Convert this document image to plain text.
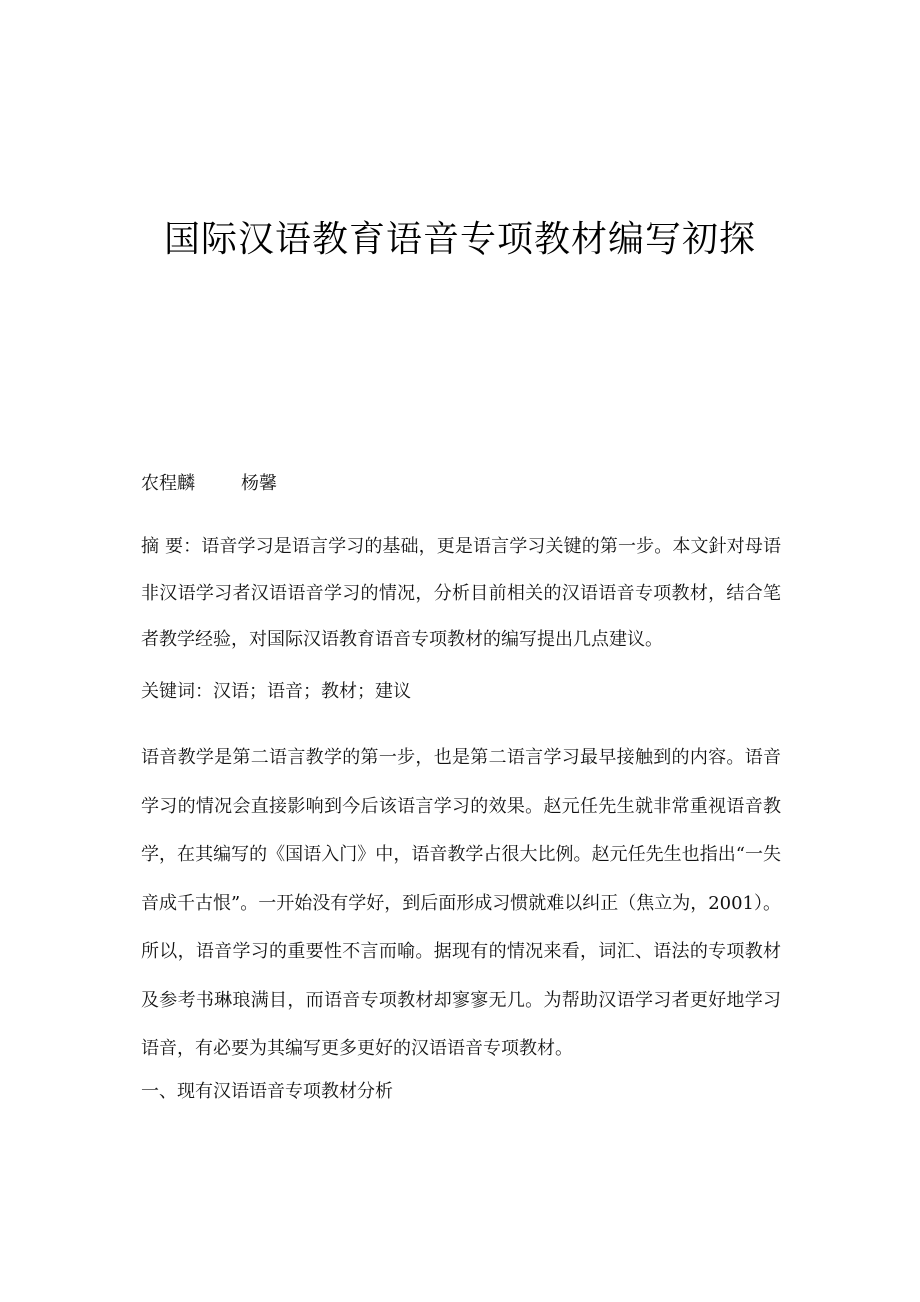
国际汉语教育语音专项教材编写初探

农程麟	杨馨

摘 要：语音学习是语言学习的基础，更是语言学习关键的第一步。本文針对母语非汉语学习者汉语语音学习的情况，分析目前相关的汉语语音专项教材，结合笔者教学经验，对国际汉语教育语音专项教材的编写提出几点建议。

关键词：汉语；语音；教材；建议

语音教学是第二语言教学的第一步，也是第二语言学习最早接触到的内容。语音学习的情况会直接影响到今后该语言学习的效果。赵元任先生就非常重视语音教学，在其编写的《国语入门》中，语音教学占很大比例。赵元任先生也指出“一失音成千古恨”。一开始没有学好，到后面形成习惯就难以纠正（焦立为，2001）。所以，语音学习的重要性不言而喻。据现有的情况来看，词汇、语法的专项教材及参考书琳琅满目，而语音专项教材却寥寥无几。为帮助汉语学习者更好地学习语音，有必要为其编写更多更好的汉语语音专项教材。

一、现有汉语语音专项教材分析
